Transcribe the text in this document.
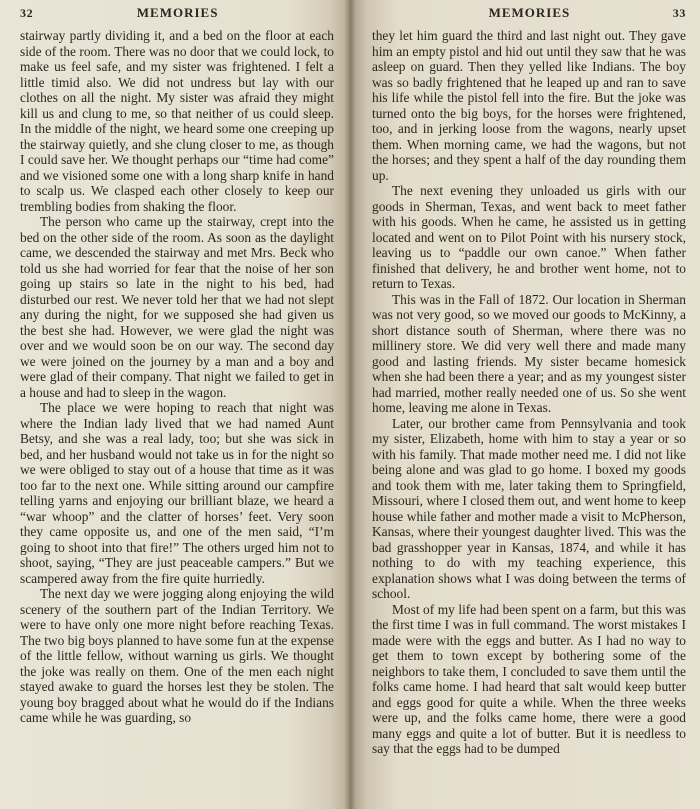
32	MEMORIES

stairway partly dividing it, and a bed on the floor at each side of the room. There was no door that we could lock, to make us feel safe, and my sister was frightened. I felt a little timid also. We did not undress but lay with our clothes on all the night. My sister was afraid they might kill us and clung to me, so that neither of us could sleep. In the middle of the night, we heard some one creeping up the stairway quietly, and she clung closer to me, as though I could save her. We thought perhaps our “time had come” and we visioned some one with a long sharp knife in hand to scalp us. We clasped each other closely to keep our trembling bodies from shaking the floor.

The person who came up the stairway, crept into the bed on the other side of the room. As soon as the daylight came, we descended the stairway and met Mrs. Beck who told us she had worried for fear that the noise of her son going up stairs so late in the night to his bed, had disturbed our rest. We never told her that we had not slept any during the night, for we supposed she had given us the best she had. However, we were glad the night was over and we would soon be on our way. The second day we were joined on the journey by a man and a boy and were glad of their company. That night we failed to get in a house and had to sleep in the wagon.

The place we were hoping to reach that night was where the Indian lady lived that we had named Aunt Betsy, and she was a real lady, too; but she was sick in bed, and her husband would not take us in for the night so we were obliged to stay out of a house that time as it was too far to the next one. While sitting around our campfire telling yarns and enjoying our brilliant blaze, we heard a “war whoop” and the clatter of horses’ feet. Very soon they came opposite us, and one of the men said, “I’m going to shoot into that fire!” The others urged him not to shoot, saying, “They are just peaceable campers.” But we scampered away from the fire quite hurriedly.

The next day we were jogging along enjoying the wild scenery of the southern part of the Indian Territory. We were to have only one more night before reaching Texas. The two big boys planned to have some fun at the expense of the little fellow, without warning us girls. We thought the joke was really on them. One of the men each night stayed awake to guard the horses lest they be stolen. The young boy bragged about what he would do if the Indians came while he was guarding, so

MEMORIES	33

they let him guard the third and last night out. They gave him an empty pistol and hid out until they saw that he was asleep on guard. Then they yelled like Indians. The boy was so badly frightened that he leaped up and ran to save his life while the pistol fell into the fire. But the joke was turned onto the big boys, for the horses were frightened, too, and in jerking loose from the wagons, nearly upset them. When morning came, we had the wagons, but not the horses; and they spent a half of the day rounding them up.

The next evening they unloaded us girls with our goods in Sherman, Texas, and went back to meet father with his goods. When he came, he assisted us in getting located and went on to Pilot Point with his nursery stock, leaving us to “paddle our own canoe.” When father finished that delivery, he and brother went home, not to return to Texas.

This was in the Fall of 1872. Our location in Sherman was not very good, so we moved our goods to McKinny, a short distance south of Sherman, where there was no millinery store. We did very well there and made many good and lasting friends. My sister became homesick when she had been there a year; and as my youngest sister had married, mother really needed one of us. So she went home, leaving me alone in Texas.

Later, our brother came from Pennsylvania and took my sister, Elizabeth, home with him to stay a year or so with his family. That made mother need me. I did not like being alone and was glad to go home. I boxed my goods and took them with me, later taking them to Springfield, Missouri, where I closed them out, and went home to keep house while father and mother made a visit to McPherson, Kansas, where their youngest daughter lived. This was the bad grasshopper year in Kansas, 1874, and while it has nothing to do with my teaching experience, this explanation shows what I was doing between the terms of school.

Most of my life had been spent on a farm, but this was the first time I was in full command. The worst mistakes I made were with the eggs and butter. As I had no way to get them to town except by bothering some of the neighbors to take them, I concluded to save them until the folks came home. I had heard that salt would keep butter and eggs good for quite a while. When the three weeks were up, and the folks came home, there were a good many eggs and quite a lot of butter. But it is needless to say that the eggs had to be dumped
